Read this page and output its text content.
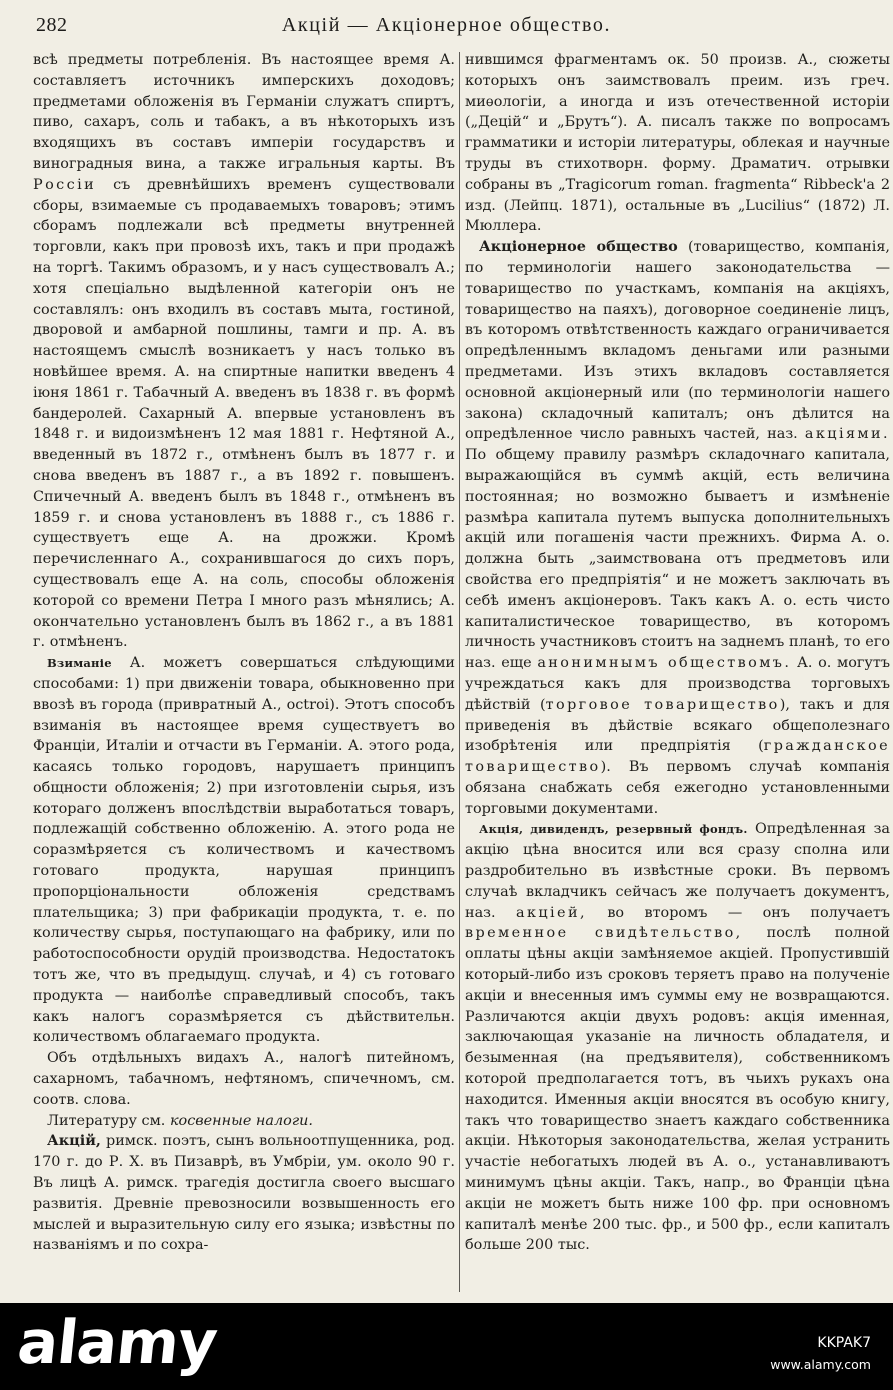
282	Акцiй — Акцiонерное общество.

всѣ предметы потребленія. Въ настоящее время А. составляетъ источникъ имперскихъ доходовъ; предметами обложенія въ Германіи служатъ спиртъ, пиво, сахаръ, соль и табакъ, а въ нѣкоторыхъ изъ входящихъ въ составъ имперіи государствъ и виноградныя вина, а также игральныя карты. Въ Россіи съ древнѣйшихъ временъ существовали сборы, взимаемые съ продаваемыхъ товаровъ; этимъ сборамъ подлежали всѣ предметы внутренней торговли, какъ при провозѣ ихъ, такъ и при продажѣ на торгѣ. Такимъ образомъ, и у насъ существовалъ А.; хотя спеціально выдѣленной категоріи онъ не составлялъ: онъ входилъ въ составъ мыта, гостиной, дворовой и амбарной пошлины, тамги и пр. А. въ настоящемъ смыслѣ возникаетъ у насъ только въ новѣйшее время. А. на спиртные напитки введенъ 4 іюня 1861 г. Табачный А. введенъ въ 1838 г. въ формѣ бандеролей. Сахарный А. впервые установленъ въ 1848 г. и видоизмѣненъ 12 мая 1881 г. Нефтяной А., введенный въ 1872 г., отмѣненъ былъ въ 1877 г. и снова введенъ въ 1887 г., а въ 1892 г. повышенъ. Спичечный А. введенъ былъ въ 1848 г., отмѣненъ въ 1859 г. и снова установленъ въ 1888 г., съ 1886 г. существуетъ еще А. на дрожжи. Кромѣ перечисленнаго А., сохранившагося до сихъ поръ, существовалъ еще А. на соль, способы обложенія которой со времени Петра I много разъ мѣнялись; А. окончательно установленъ былъ въ 1862 г., а въ 1881 г. отмѣненъ.

Взиманіе А. можетъ совершаться слѣдующими способами: 1) при движеніи товара, обыкновенно при ввозѣ въ города (привратный А., octroi). Этотъ способъ взиманія въ настоящее время существуетъ во Франціи, Италіи и отчасти въ Германіи. А. этого рода, касаясь только городовъ, нарушаетъ принципъ общности обложенія; 2) при изготовленіи сырья, изъ котораго долженъ впослѣдствіи выработаться товаръ, подлежащій собственно обложенію. А. этого рода не соразмѣряется съ количествомъ и качествомъ готоваго продукта, нарушая принципъ пропорціональности обложенія средствамъ плательщика; 3) при фабрикаціи продукта, т. е. по количеству сырья, поступающаго на фабрику, или по работоспособности орудій производства. Недостатокъ тотъ же, что въ предыдущ. случаѣ, и 4) съ готоваго продукта — наиболѣе справедливый способъ, такъ какъ налогъ соразмѣряется съ дѣйствительн. количествомъ облагаемаго продукта.

Объ отдѣльныхъ видахъ А., налогѣ питейномъ, сахарномъ, табачномъ, нефтяномъ, спичечномъ, см. соотв. слова.

Литературу см. косвенные налоги.

Акцій, римск. поэтъ, сынъ вольноотпущенника, род. 170 г. до Р. Х. въ Пизаврѣ, въ Умбріи, ум. около 90 г. Въ лицѣ А. римск. трагедія достигла своего высшаго развитія. Древніе превозносили возвышенность его мыслей и выразительную силу его языка; извѣстны по названіямъ и по сохра-

нившимся фрагментамъ ок. 50 произв. А., сюжеты которыхъ онъ заимствовалъ преим. изъ греч. миѳологіи, а иногда и изъ отечественной исторіи („Децій“ и „Брутъ“). А. писалъ также по вопросамъ грамматики и исторіи литературы, облекая и научные труды въ стихотворн. форму. Драматич. отрывки собраны въ „Tragicorum roman. fragmenta“ Ribbeck'а 2 изд. (Лейпц. 1871), остальные въ „Lucilius“ (1872) Л. Мюллера.

Акціонерное общество (товарищество, компанія, по терминологіи нашего законодательства — товарищество по участкамъ, компанія на акціяхъ, товарищество на паяхъ), договорное соединеніе лицъ, въ которомъ отвѣтственность каждаго ограничивается опредѣленнымъ вкладомъ деньгами или разными предметами. Изъ этихъ вкладовъ составляется основной акціонерный или (по терминологіи нашего закона) складочный капиталъ; онъ дѣлится на опредѣленное число равныхъ частей, наз. акціями. По общему правилу размѣръ складочнаго капитала, выражающійся въ суммѣ акцій, есть величина постоянная; но возможно бываетъ и измѣненіе размѣра капитала путемъ выпуска дополнительныхъ акцій или погашенія части прежнихъ. Фирма А. о. должна быть „заимствована отъ предметовъ или свойства его предпріятія“ и не можетъ заключать въ себѣ именъ акціонеровъ. Такъ какъ А. о. есть чисто капиталистическое товарищество, въ которомъ личность участниковъ стоитъ на заднемъ планѣ, то его наз. еще анонимнымъ обществомъ. А. о. могутъ учреждаться какъ для производства торговыхъ дѣйствій (торговое товарищество), такъ и для приведенія въ дѣйствіе всякаго общеполезнаго изобрѣтенія или предпріятія (гражданское товарищество). Въ первомъ случаѣ компанія обязана снабжать себя ежегодно установленными торговыми документами.

Акція, дивидендъ, резервный фондъ. Опредѣленная за акцію цѣна вносится или вся сразу сполна или раздробительно въ извѣстные сроки. Въ первомъ случаѣ вкладчикъ сейчасъ же получаетъ документъ, наз. акціей, во второмъ — онъ получаетъ временное свидѣтельство, послѣ полной оплаты цѣны акціи замѣняемое акціей. Пропустившій который-либо изъ сроковъ теряетъ право на полученіе акціи и внесенныя имъ суммы ему не возвращаются. Различаются акціи двухъ родовъ: акція именная, заключающая указаніе на личность обладателя, и безыменная (на предъявителя), собственникомъ которой предполагается тотъ, въ чьихъ рукахъ она находится. Именныя акціи вносятся въ особую книгу, такъ что товарищество знаетъ каждаго собственника акціи. Нѣкоторыя законодательства, желая устранить участіе небогатыхъ людей въ А. о., устанавливаютъ минимумъ цѣны акціи. Такъ, напр., во Франціи цѣна акціи не можетъ быть ниже 100 фр. при основномъ капиталѣ менѣе 200 тыс. фр., и 500 фр., если капиталъ больше 200 тыс.

alamy	KKPAK7
www.alamy.com
